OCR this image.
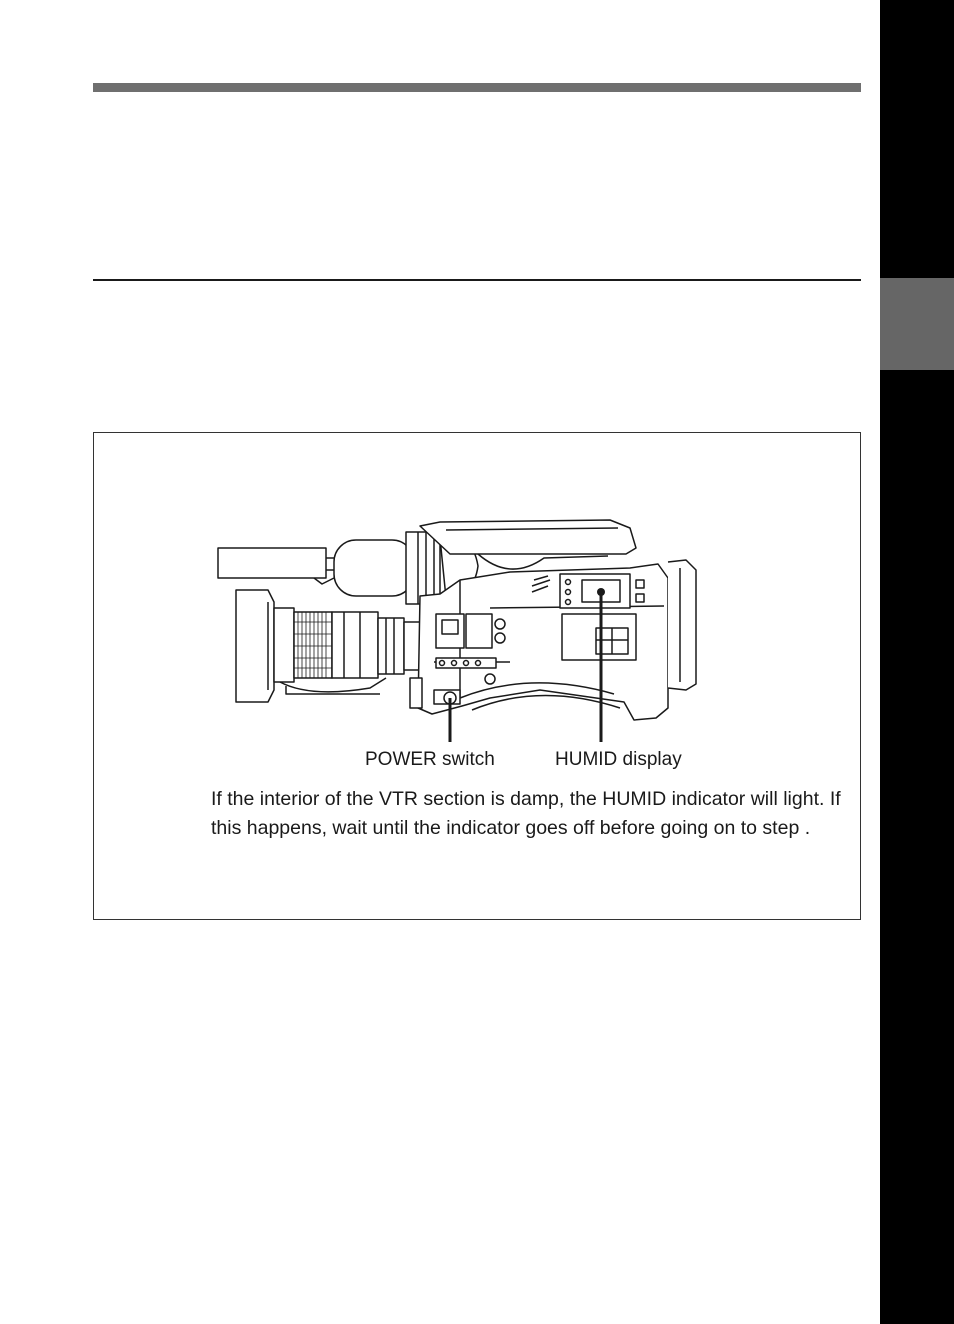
POWER switch	HUMID display

If the interior of the VTR section is damp, the HUMID indicator will light. If this happens, wait until the indicator goes off before going on to step .
